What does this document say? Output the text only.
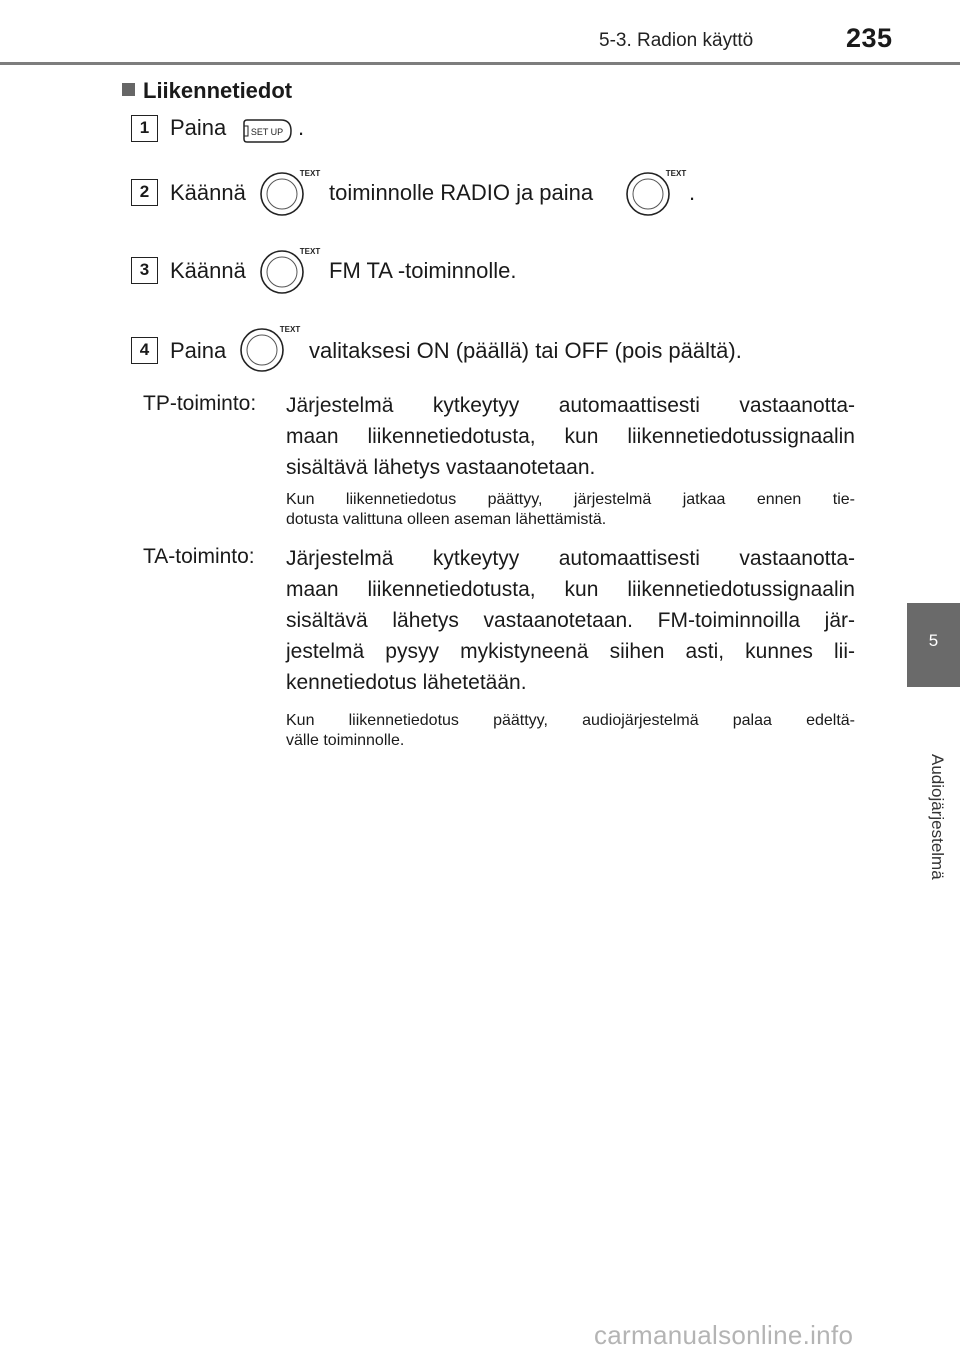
5-3. Radion käyttö	235
5
Audiojärjestelmä
Liikennetiedot
1 Paina	SET UP .
2 Käännä
TEXT
toiminnolle RADIO ja paina
TEXT
.
3 Käännä
TEXT
FM TA -toiminnolle.
4 Paina
TEXT
valitaksesi ON (päällä) tai OFF (pois päältä).
TP-toiminto: Järjestelmä kytkeytyy automaattisesti vastaanotta-
maan liikennetiedotusta, kun liikennetiedotussignaalin
sisältävä lähetys vastaanotetaan.
Kun liikennetiedotus päättyy, järjestelmä jatkaa ennen tie-
dotusta valittuna olleen aseman lähettämistä.
TA-toiminto: Järjestelmä kytkeytyy automaattisesti vastaanotta-
maan liikennetiedotusta, kun liikennetiedotussignaalin
sisältävä lähetys vastaanotetaan. FM-toiminnoilla jär-
jestelmä pysyy mykistyneenä siihen asti, kunnes lii-
kennetiedotus lähetetään.
Kun liikennetiedotus päättyy, audiojärjestelmä palaa edeltä-
välle toiminnolle.
carmanualsonline.info
